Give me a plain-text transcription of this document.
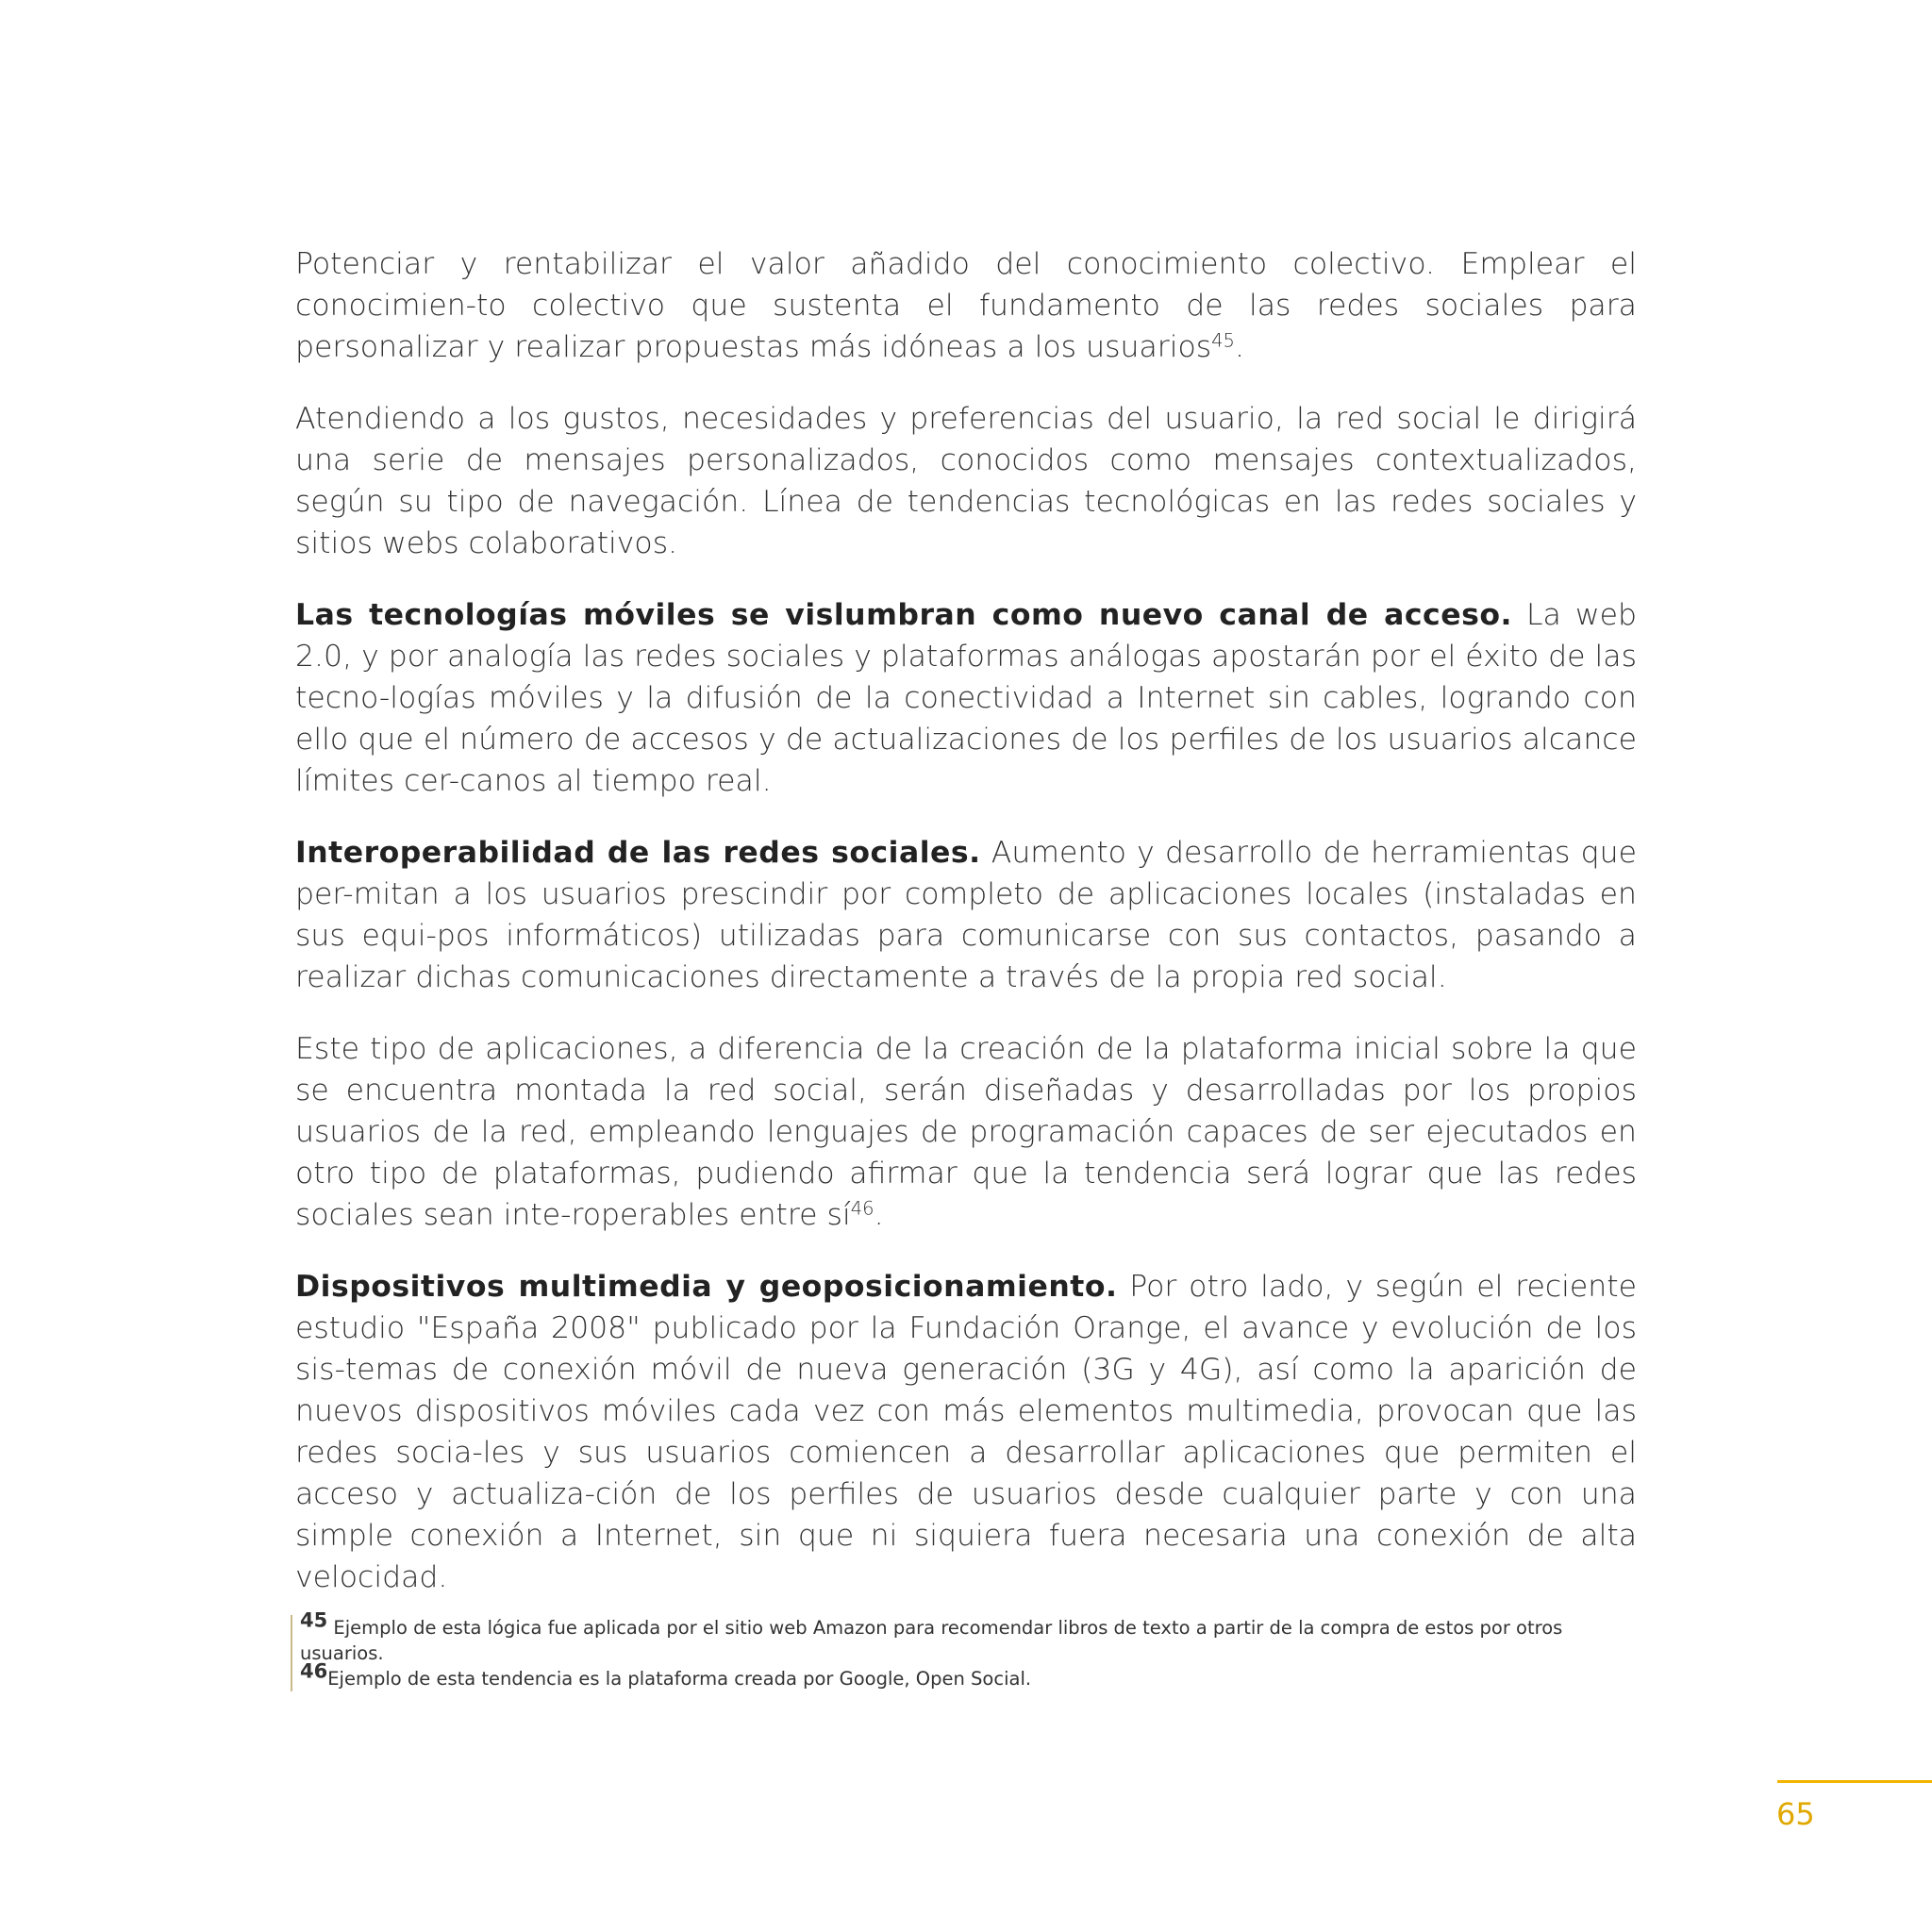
Potenciar y rentabilizar el valor añadido del conocimiento colectivo. Emplear el conocimien-to colectivo que sustenta el fundamento de las redes sociales para personalizar y realizar propuestas más idóneas a los usuarios$^{45}$.

Atendiendo a los gustos, necesidades y preferencias del usuario, la red social le dirigirá una serie de mensajes personalizados, conocidos como mensajes contextualizados, según su tipo de navegación. Línea de tendencias tecnológicas en las redes sociales y sitios webs colaborativos.

Las tecnologías móviles se vislumbran como nuevo canal de acceso. La web 2.0, y por analogía las redes sociales y plataformas análogas apostarán por el éxito de las tecno-logías móviles y la difusión de la conectividad a Internet sin cables, logrando con ello que el número de accesos y de actualizaciones de los perfiles de los usuarios alcance límites cer-canos al tiempo real.

Interoperabilidad de las redes sociales. Aumento y desarrollo de herramientas que per-mitan a los usuarios prescindir por completo de aplicaciones locales (instaladas en sus equi-pos informáticos) utilizadas para comunicarse con sus contactos, pasando a realizar dichas comunicaciones directamente a través de la propia red social.

Este tipo de aplicaciones, a diferencia de la creación de la plataforma inicial sobre la que se encuentra montada la red social, serán diseñadas y desarrolladas por los propios usuarios de la red, empleando lenguajes de programación capaces de ser ejecutados en otro tipo de plataformas, pudiendo afirmar que la tendencia será lograr que las redes sociales sean inte-roperables entre $sí^{46}$.

Dispositivos multimedia y geoposicionamiento. Por otro lado, y según el reciente estudio "España 2008" publicado por la Fundación Orange, el avance y evolución de los sis-temas de conexión móvil de nueva generación (3G y 4G), así como la aparición de nuevos dispositivos móviles cada vez con más elementos multimedia, provocan que las redes socia-les y sus usuarios comiencen a desarrollar aplicaciones que permiten el acceso y actualiza-ción de los perfiles de usuarios desde cualquier parte y con una simple conexión a Internet, sin que ni siquiera fuera necesaria una conexión de alta velocidad.

45 Ejemplo de esta lógica fue aplicada por el sitio web Amazon para recomendar libros de texto a partir de la compra de estos por otros usuarios.

46Ejemplo de esta tendencia es la plataforma creada por Google, Open Social.

65
